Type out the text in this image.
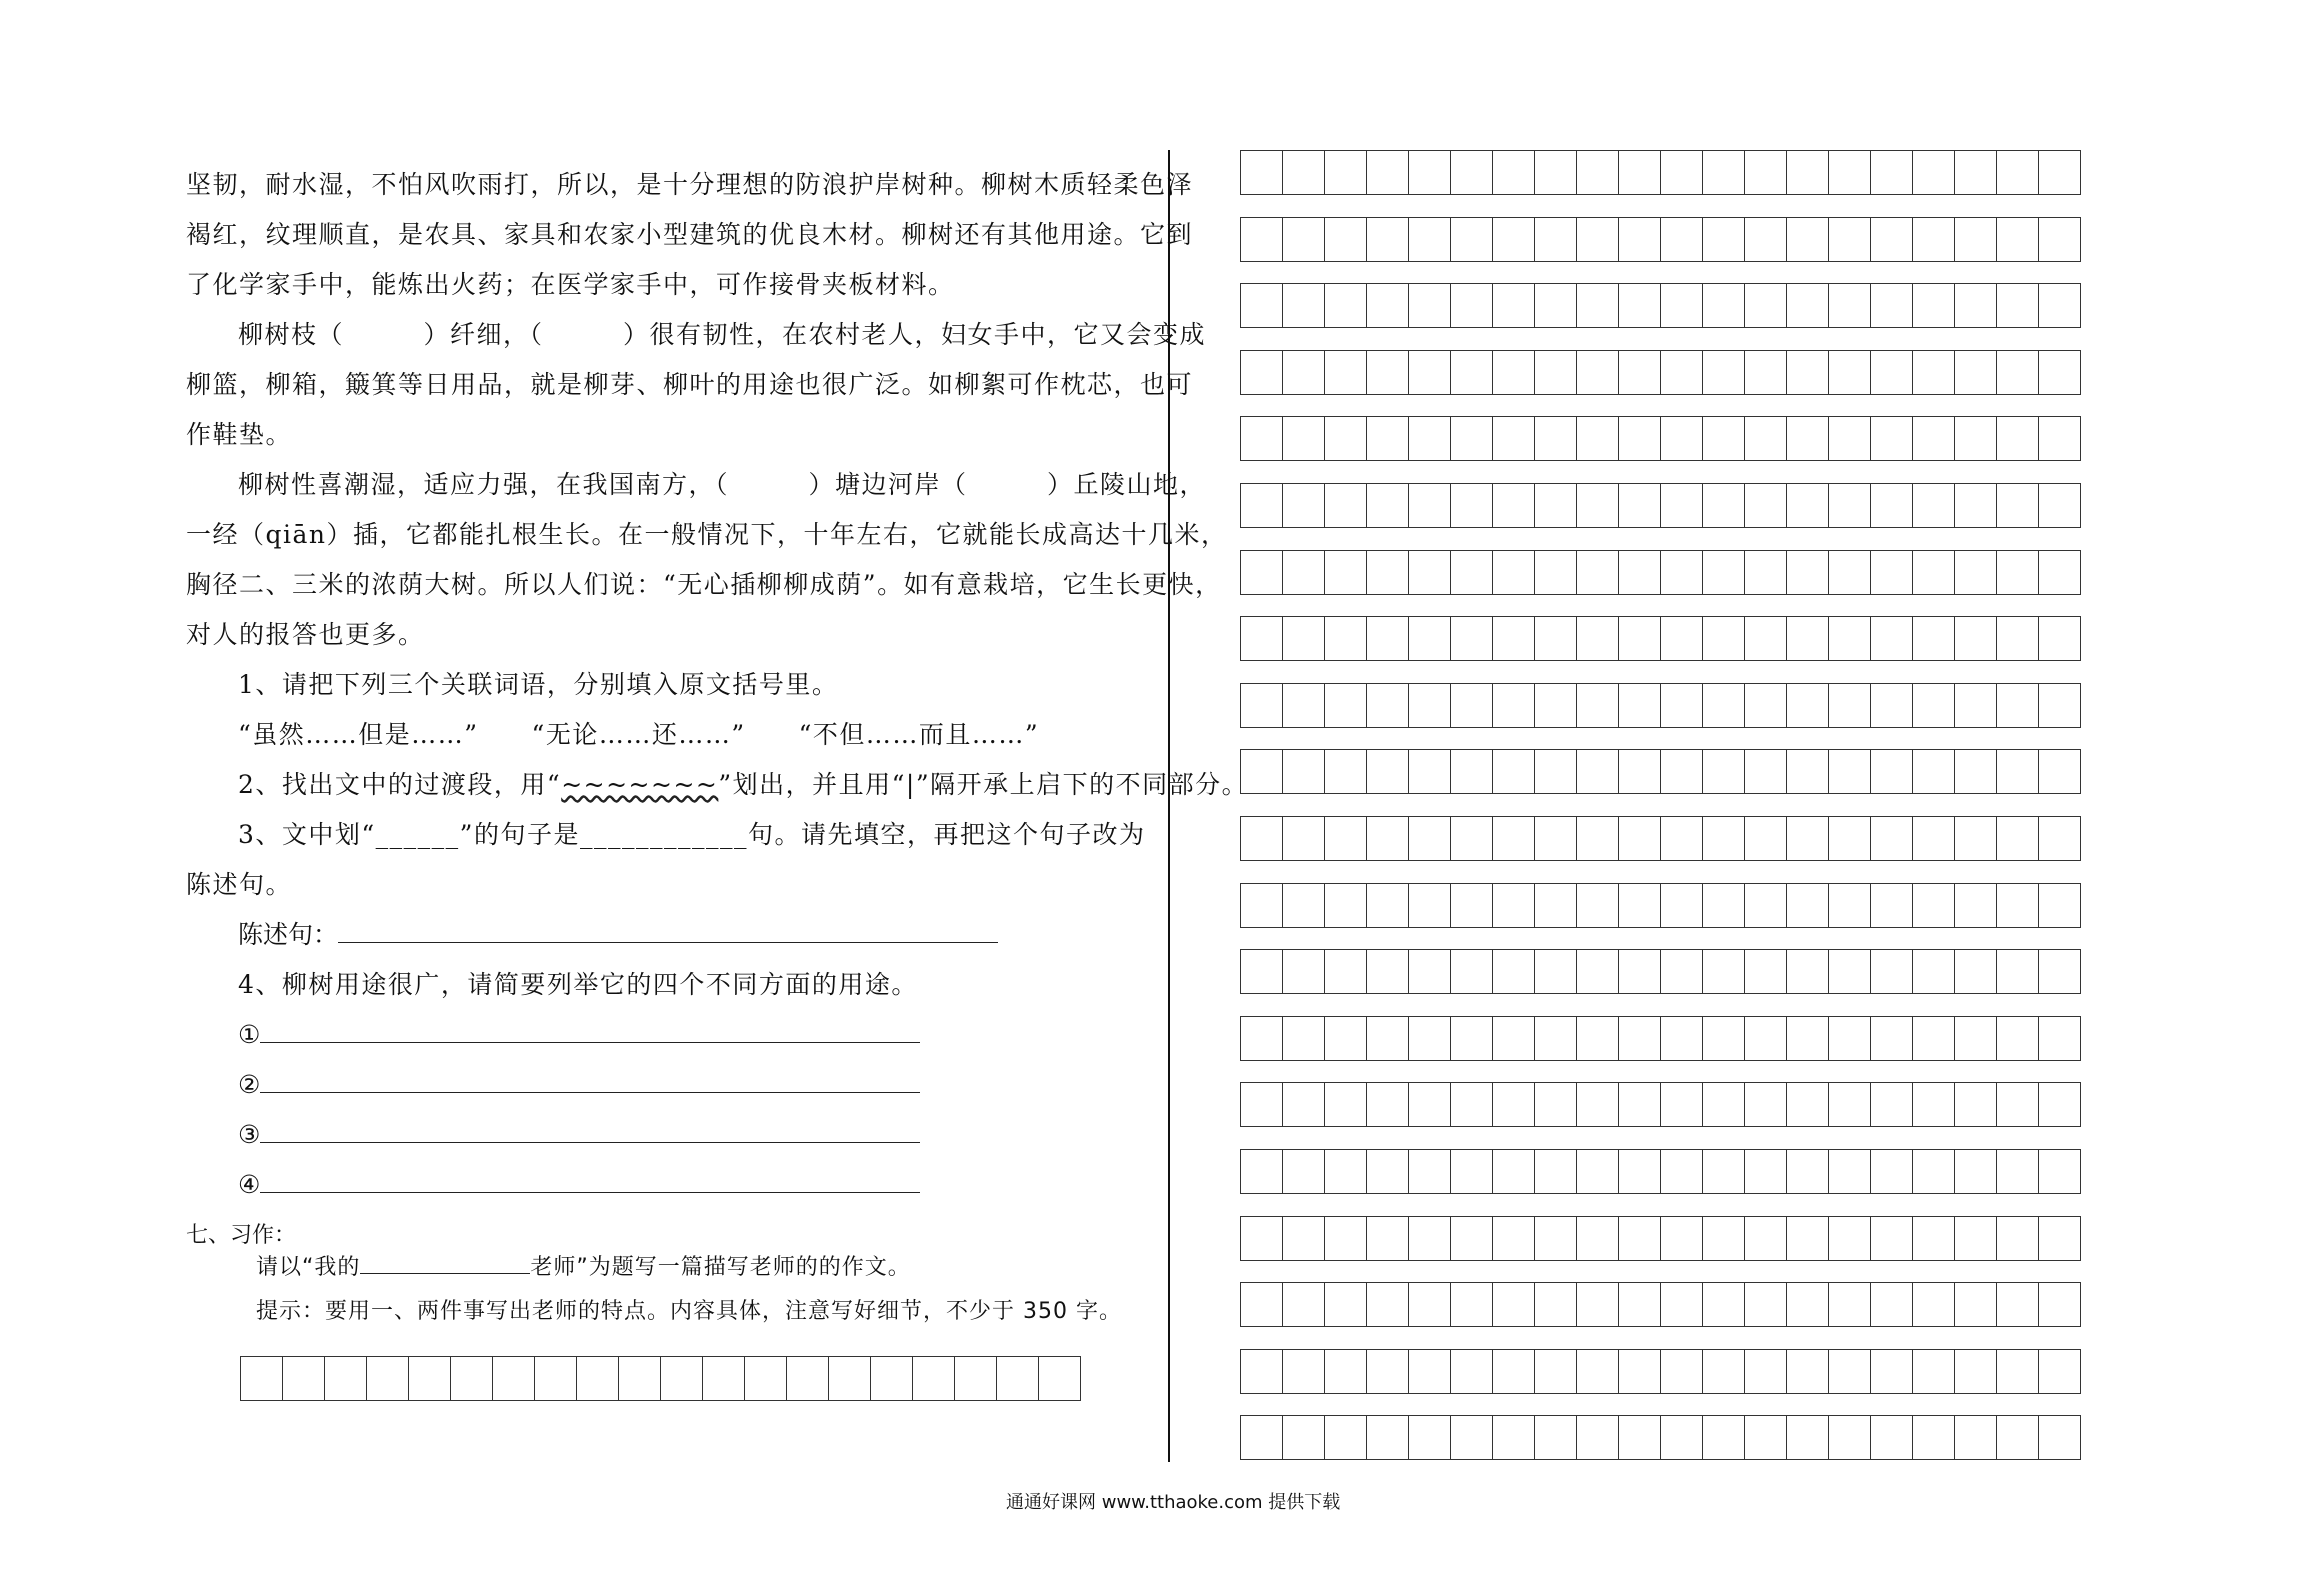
坚韧，耐水湿，不怕风吹雨打，所以，是十分理想的防浪护岸树种。柳树木质轻柔色泽
褐红，纹理顺直，是农具、家具和农家小型建筑的优良木材。柳树还有其他用途。它到
了化学家手中，能炼出火药；在医学家手中，可作接骨夹板材料。
柳树枝（　　　）纤细，（　　　）很有韧性，在农村老人，妇女手中，它又会变成
柳篮，柳箱，簸箕等日用品，就是柳芽、柳叶的用途也很广泛。如柳絮可作枕芯，也可
作鞋垫。
柳树性喜潮湿，适应力强，在我国南方，（　　　）塘边河岸（　　　）丘陵山地，
一经（qiān）插，它都能扎根生长。在一般情况下，十年左右，它就能长成高达十几米，
胸径二、三米的浓荫大树。所以人们说：“无心插柳柳成荫”。如有意栽培，它生长更快，
对人的报答也更多。
1、请把下列三个关联词语，分别填入原文括号里。
“虽然……但是……”　　“无论……还……”　　“不但……而且……”
2、找出文中的过渡段，用“~~~~~~~”划出，并且用“|”隔开承上启下的不同部分。
3、文中划“______”的句子是____________句。请先填空，再把这个句子改为
陈述句。
陈述句：
4、柳树用途很广，请简要列举它的四个不同方面的用途。
①
②
③
④
七、习作：
请以“我的	老师”为题写一篇描写老师的的作文。
提示：要用一、两件事写出老师的特点。内容具体，注意写好细节，不少于 350 字。
通通好课网 www.tthaoke.com 提供下载
